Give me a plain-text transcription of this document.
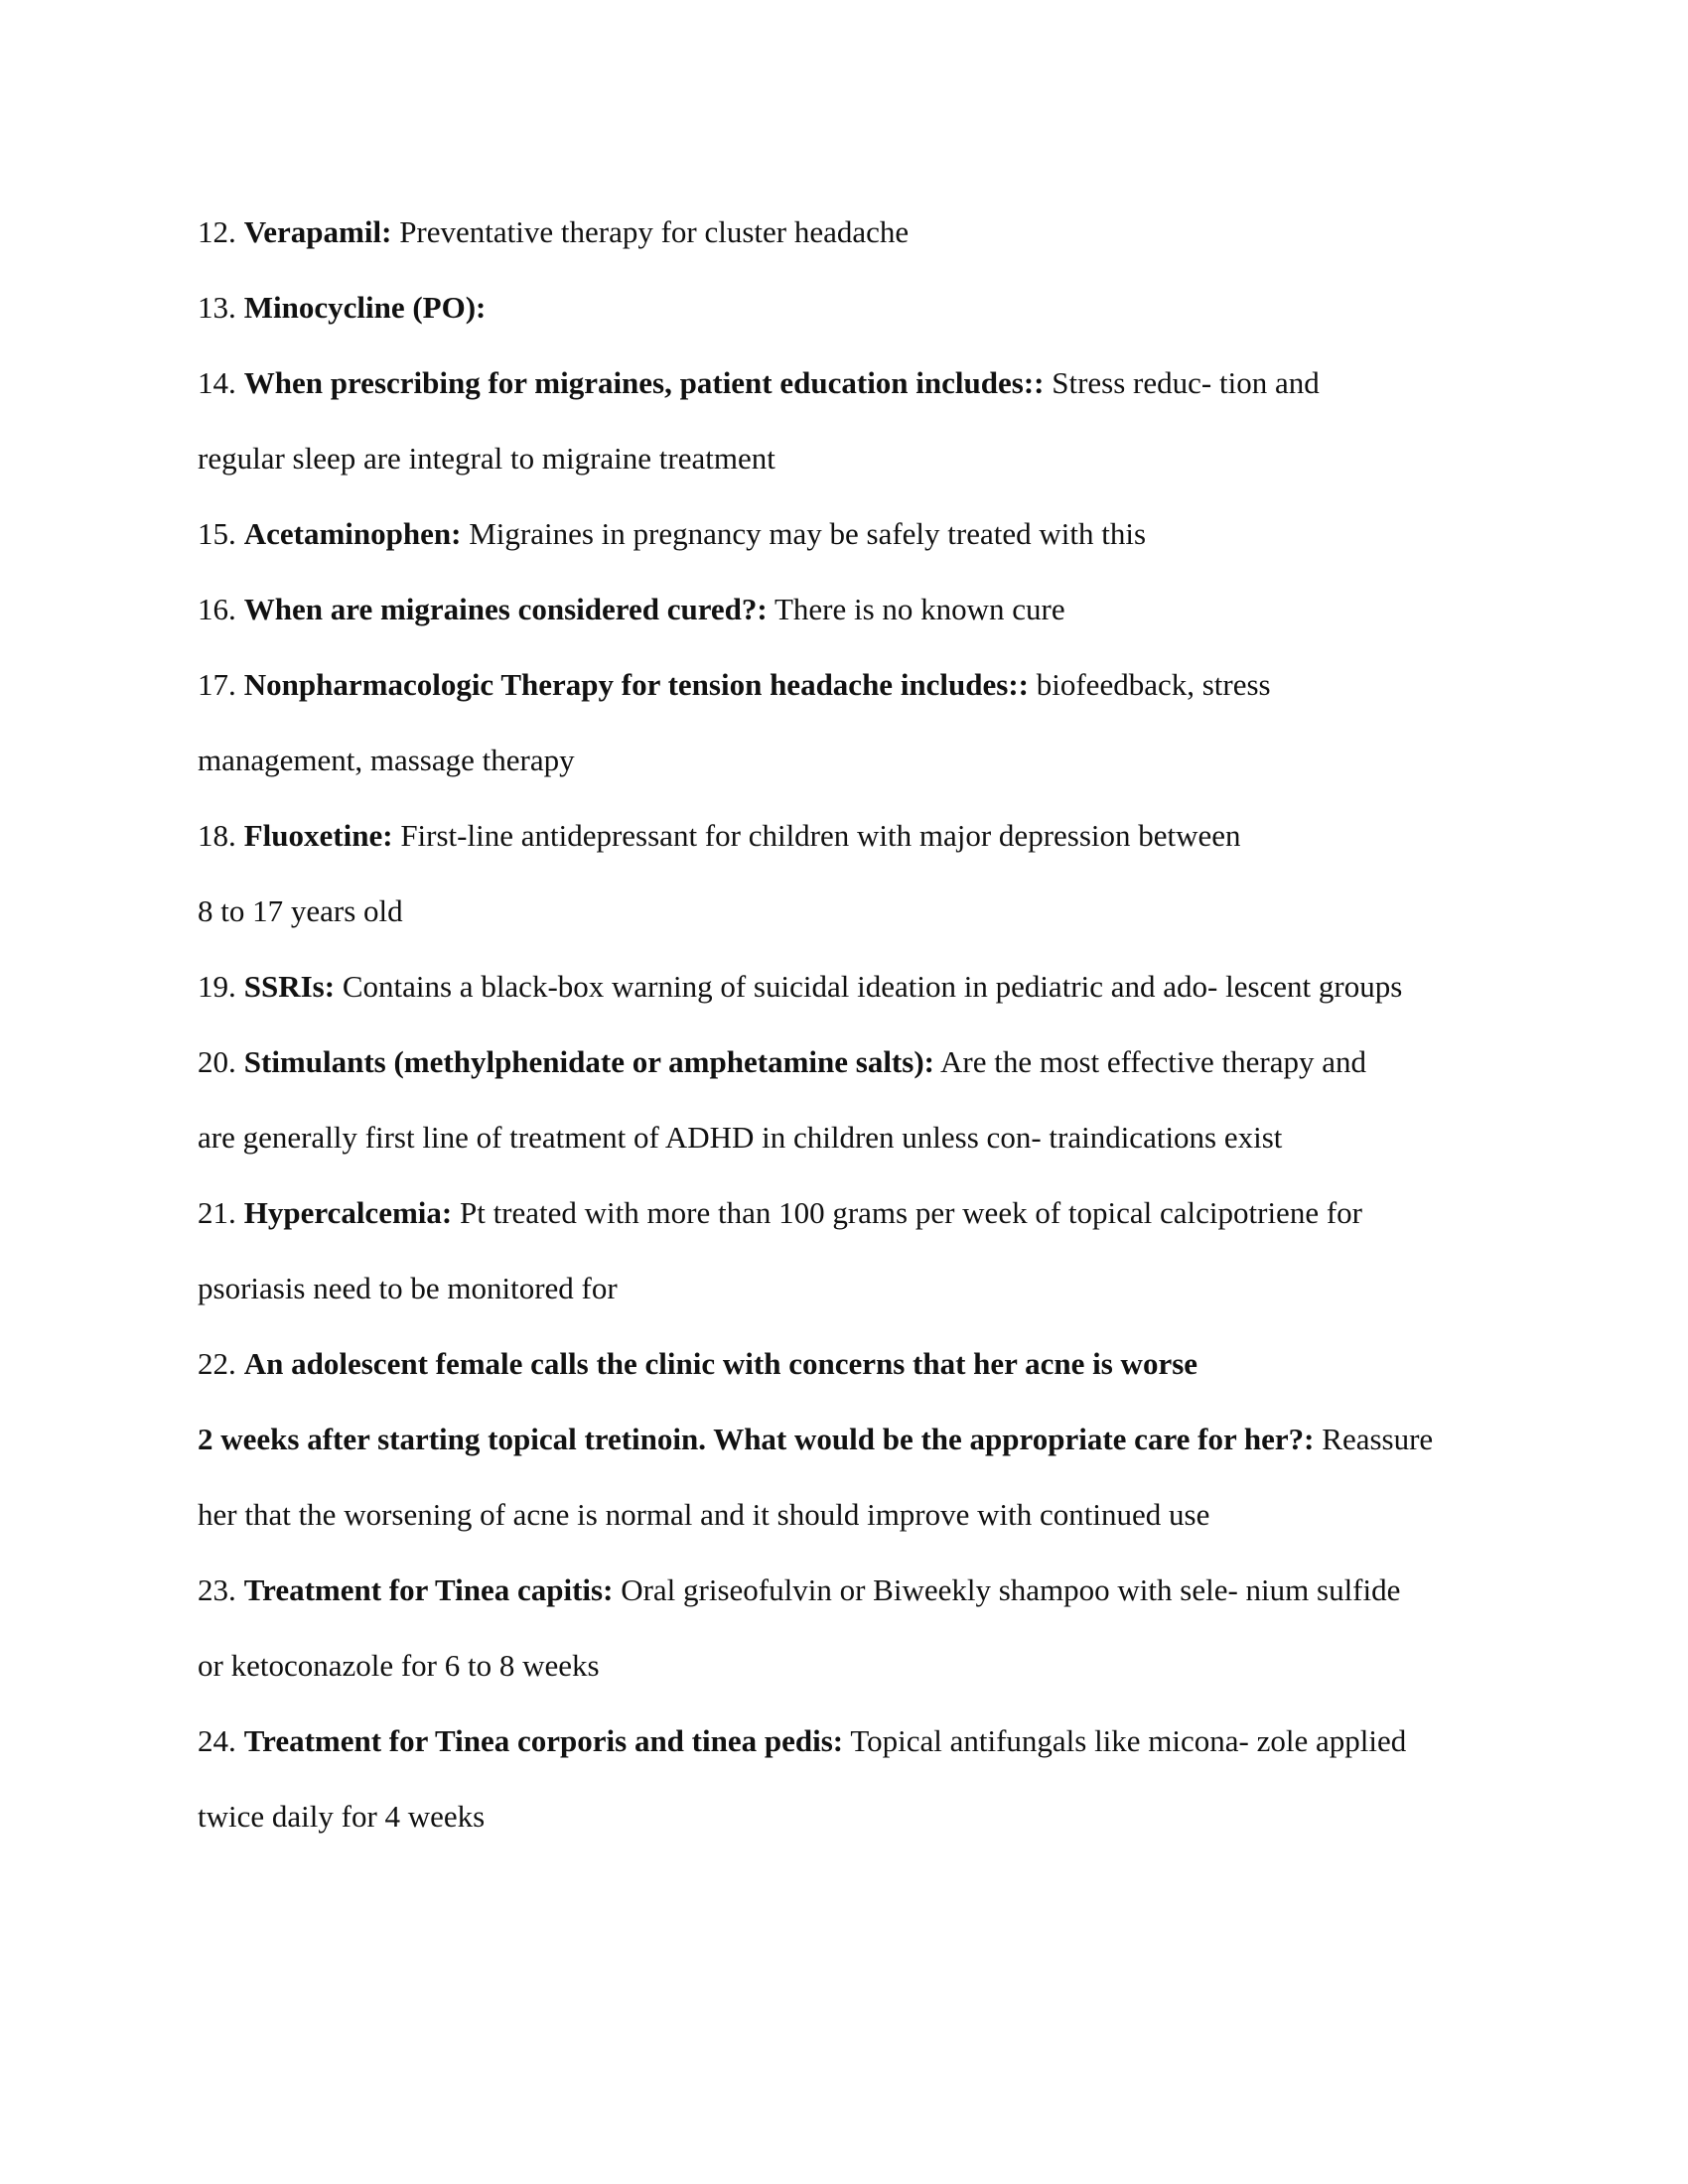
12. Verapamil: Preventative therapy for cluster headache
13. Minocycline (PO):
14. When prescribing for migraines, patient education includes:: Stress reduc- tion and
regular sleep are integral to migraine treatment
15. Acetaminophen: Migraines in pregnancy may be safely treated with this
16. When are migraines considered cured?: There is no known cure
17. Nonpharmacologic Therapy for tension headache includes:: biofeedback, stress
management, massage therapy
18. Fluoxetine: First-line antidepressant for children with major depression between
8 to 17 years old
19. SSRIs: Contains a black-box warning of suicidal ideation in pediatric and ado- lescent groups
20. Stimulants (methylphenidate or amphetamine salts): Are the most effective therapy and
are generally first line of treatment of ADHD in children unless con- traindications exist
21. Hypercalcemia: Pt treated with more than 100 grams per week of topical calcipotriene for
psoriasis need to be monitored for
22. An adolescent female calls the clinic with concerns that her acne is worse
2 weeks after starting topical tretinoin. What would be the appropriate care for her?: Reassure
her that the worsening of acne is normal and it should improve with continued use
23. Treatment for Tinea capitis: Oral griseofulvin or Biweekly shampoo with sele- nium sulfide
or ketoconazole for 6 to 8 weeks
24. Treatment for Tinea corporis and tinea pedis: Topical antifungals like micona- zole applied
twice daily for 4 weeks
